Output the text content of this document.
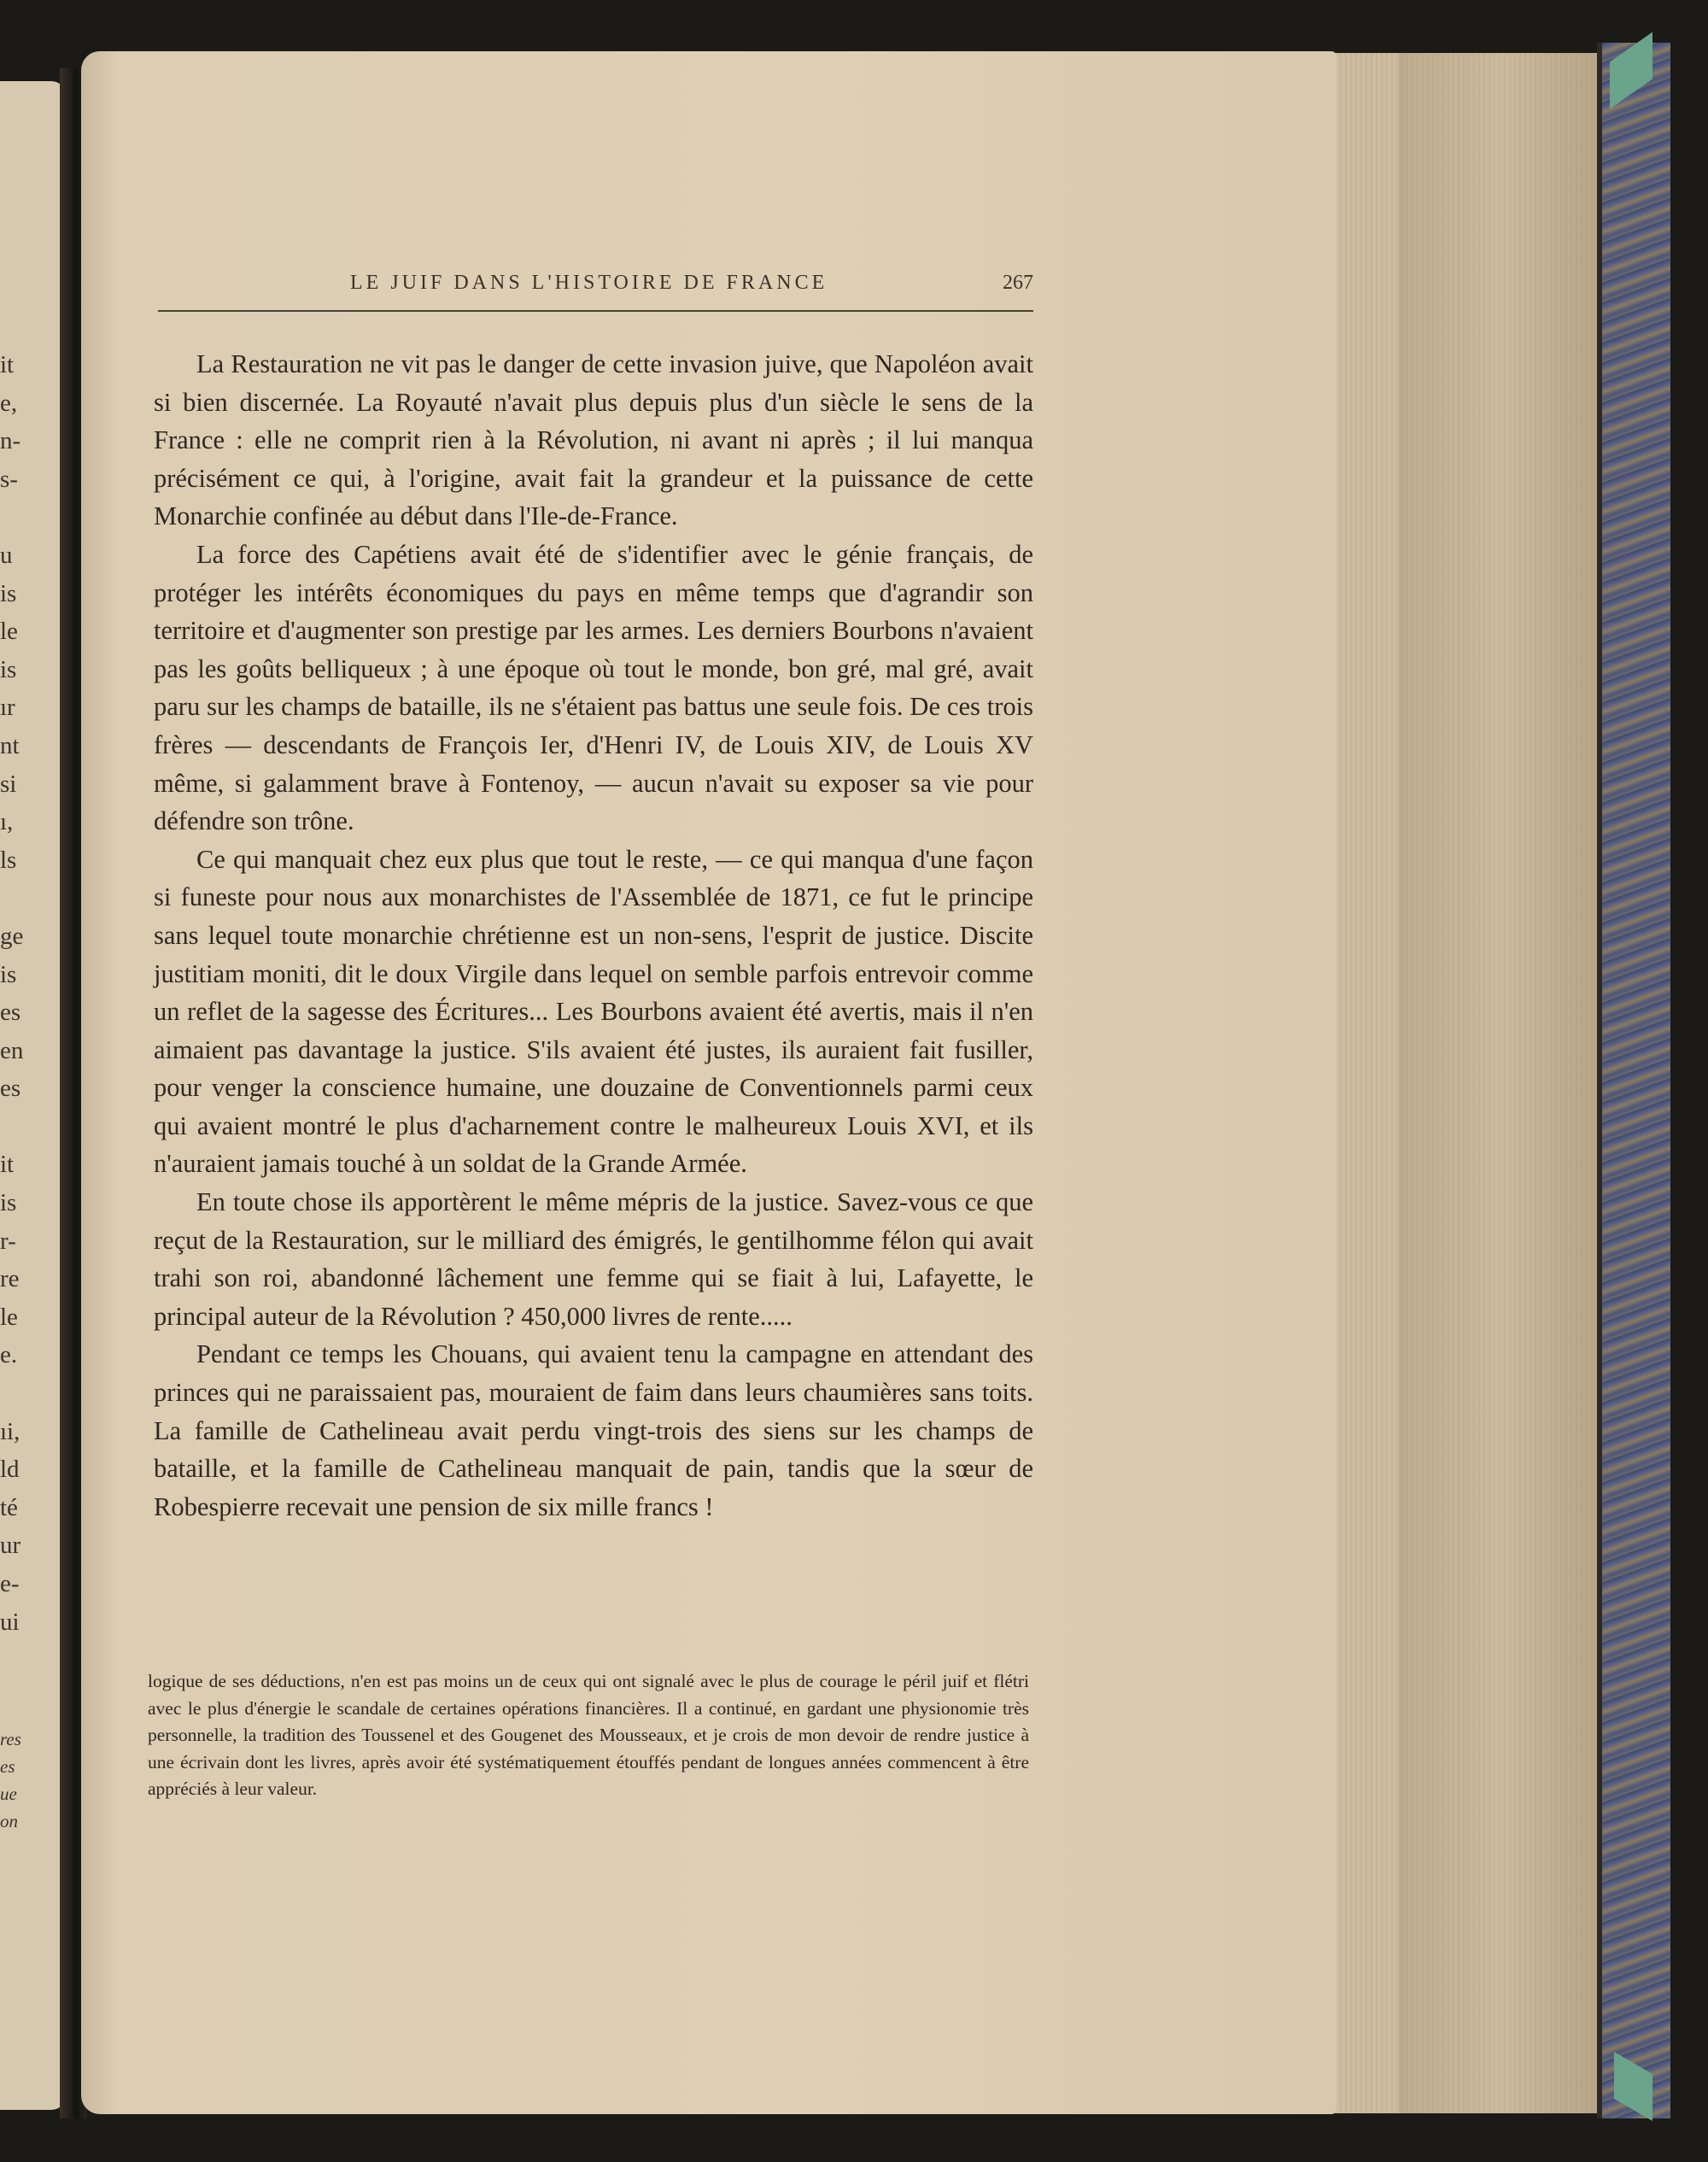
it
e,
n-
s-

u
is
le
is
ır
nt
si
ı,
ls

ge
is
es
en
es

it
is
r-
re
le
e.

ıi,
ld
té
ur
e-
ui
res
es
ue
on
LE JUIF DANS L'HISTOIRE DE FRANCE	267

La Restauration ne vit pas le danger de cette invasion juive, que Napoléon avait si bien discernée. La Royauté n'avait plus depuis plus d'un siècle le sens de la France : elle ne comprit rien à la Révolution, ni avant ni après ; il lui manqua précisément ce qui, à l'origine, avait fait la grandeur et la puissance de cette Monarchie confinée au début dans l'Ile-de-France.

La force des Capétiens avait été de s'identifier avec le génie français, de protéger les intérêts économiques du pays en même temps que d'agrandir son territoire et d'augmenter son prestige par les armes. Les derniers Bourbons n'avaient pas les goûts belliqueux ; à une époque où tout le monde, bon gré, mal gré, avait paru sur les champs de bataille, ils ne s'étaient pas battus une seule fois. De ces trois frères — descendants de François Ier, d'Henri IV, de Louis XIV, de Louis XV même, si galamment brave à Fontenoy, — aucun n'avait su exposer sa vie pour défendre son trône.

Ce qui manquait chez eux plus que tout le reste, — ce qui manqua d'une façon si funeste pour nous aux monarchistes de l'Assemblée de 1871, ce fut le principe sans lequel toute monarchie chrétienne est un non-sens, l'esprit de justice. Discite justitiam moniti, dit le doux Virgile dans lequel on semble parfois entrevoir comme un reflet de la sagesse des Écritures... Les Bourbons avaient été avertis, mais il n'en aimaient pas davantage la justice. S'ils avaient été justes, ils auraient fait fusiller, pour venger la conscience humaine, une douzaine de Conventionnels parmi ceux qui avaient montré le plus d'acharnement contre le malheureux Louis XVI, et ils n'auraient jamais touché à un soldat de la Grande Armée.

En toute chose ils apportèrent le même mépris de la justice. Savez-vous ce que reçut de la Restauration, sur le milliard des émigrés, le gentilhomme félon qui avait trahi son roi, abandonné lâchement une femme qui se fiait à lui, Lafayette, le principal auteur de la Révolution ? 450,000 livres de rente.....

Pendant ce temps les Chouans, qui avaient tenu la campagne en attendant des princes qui ne paraissaient pas, mouraient de faim dans leurs chaumières sans toits. La famille de Cathelineau avait perdu vingt-trois des siens sur les champs de bataille, et la famille de Cathelineau manquait de pain, tandis que la sœur de Robespierre recevait une pension de six mille francs !

logique de ses déductions, n'en est pas moins un de ceux qui ont signalé avec le plus de courage le péril juif et flétri avec le plus d'énergie le scandale de certaines opérations financières. Il a continué, en gardant une physionomie très personnelle, la tradition des Toussenel et des Gougenet des Mousseaux, et je crois de mon devoir de rendre justice à une écrivain dont les livres, après avoir été systématiquement étouffés pendant de longues années commencent à être appréciés à leur valeur.
